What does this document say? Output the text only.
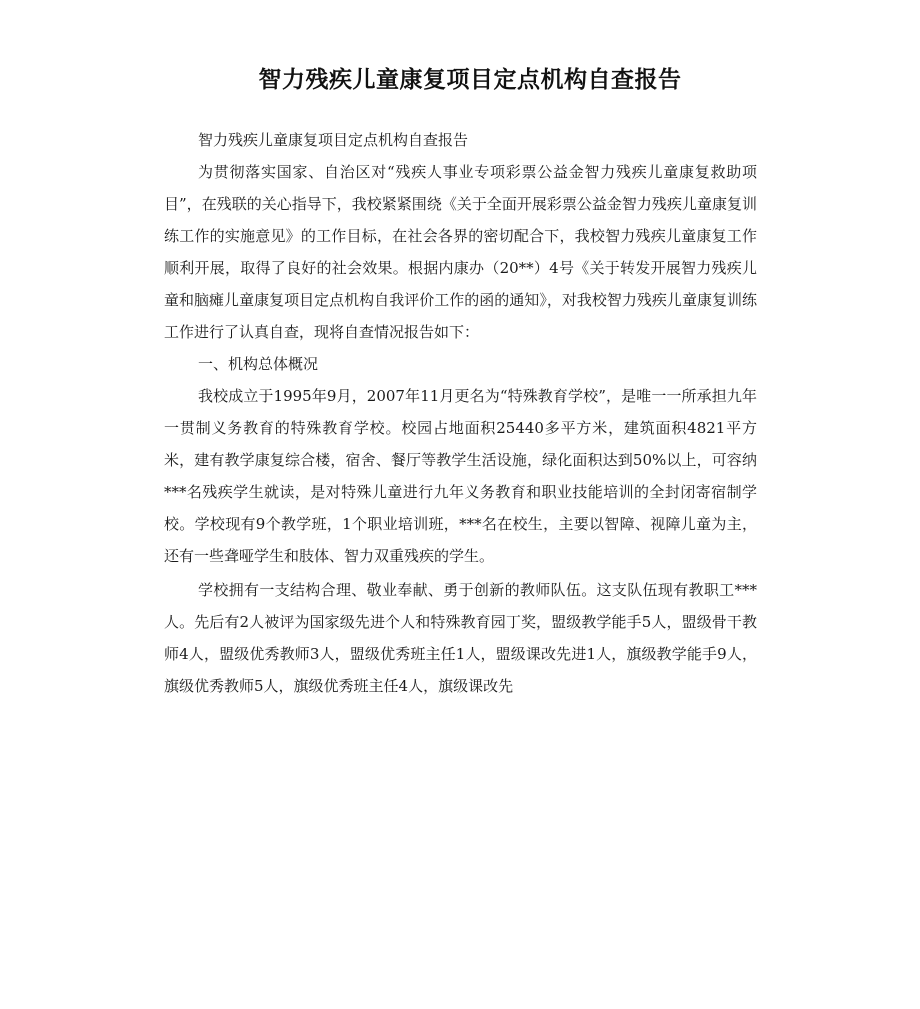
智力残疾儿童康复项目定点机构自查报告

智力残疾儿童康复项目定点机构自查报告

为贯彻落实国家、自治区对“残疾人事业专项彩票公益金智力残疾儿童康复救助项目”，在残联的关心指导下，我校紧紧围绕《关于全面开展彩票公益金智力残疾儿童康复训练工作的实施意见》的工作目标，在社会各界的密切配合下，我校智力残疾儿童康复工作顺利开展，取得了良好的社会效果。根据内康办（20**）4号《关于转发开展智力残疾儿童和脑瘫儿童康复项目定点机构自我评价工作的函的通知》，对我校智力残疾儿童康复训练工作进行了认真自查，现将自查情况报告如下：

一、机构总体概况

我校成立于1995年9月，2007年11月更名为“特殊教育学校”，是唯一一所承担九年一贯制义务教育的特殊教育学校。校园占地面积25440多平方米，建筑面积4821平方米，建有教学康复综合楼，宿舍、餐厅等教学生活设施，绿化面积达到50%以上，可容纳***名残疾学生就读，是对特殊儿童进行九年义务教育和职业技能培训的全封闭寄宿制学校。学校现有9个教学班，1个职业培训班，***名在校生，主要以智障、视障儿童为主，还有一些聋哑学生和肢体、智力双重残疾的学生。

学校拥有一支结构合理、敬业奉献、勇于创新的教师队伍。这支队伍现有教职工***人。先后有2人被评为国家级先进个人和特殊教育园丁奖，盟级教学能手5人，盟级骨干教师4人，盟级优秀教师3人，盟级优秀班主任1人，盟级课改先进1人，旗级教学能手9人，旗级优秀教师5人，旗级优秀班主任4人，旗级课改先
